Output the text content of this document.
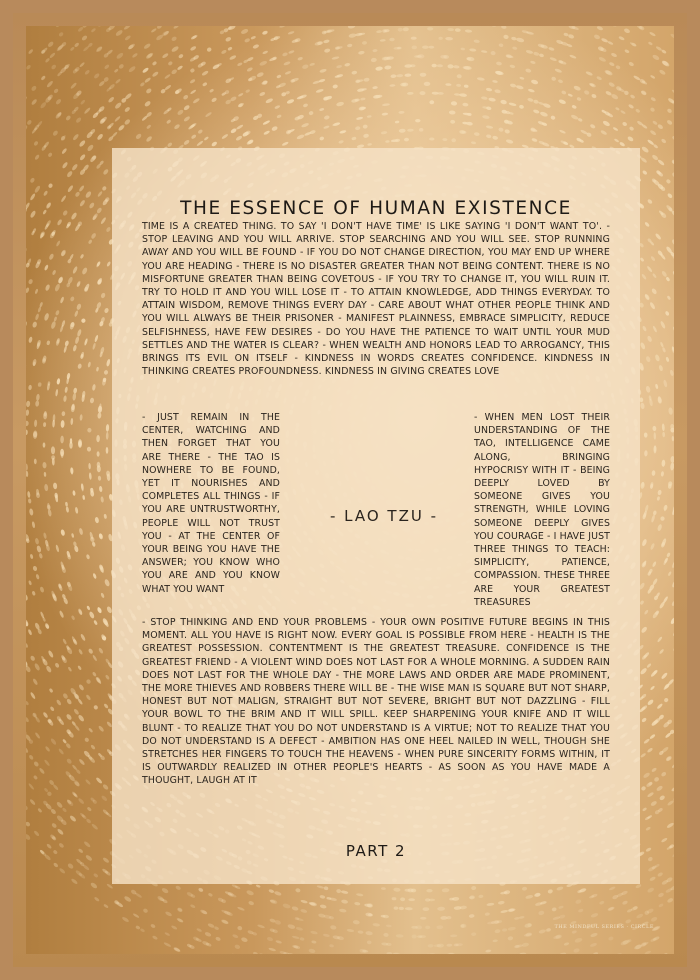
THE ESSENCE OF HUMAN EXISTENCE
TIME IS A CREATED THING. TO SAY 'I DON'T HAVE TIME' IS LIKE SAYING 'I DON'T WANT TO'. - STOP LEAVING AND YOU WILL ARRIVE. STOP SEARCHING AND YOU WILL SEE. STOP RUNNING AWAY AND YOU WILL BE FOUND - IF YOU DO NOT CHANGE DIRECTION, YOU MAY END UP WHERE YOU ARE HEADING - THERE IS NO DISASTER GREATER THAN NOT BEING CONTENT. THERE IS NO MISFORTUNE GREATER THAN BEING COVETOUS - IF YOU TRY TO CHANGE IT, YOU WILL RUIN IT. TRY TO HOLD IT AND YOU WILL LOSE IT - TO ATTAIN KNOWLEDGE, ADD THINGS EVERYDAY. TO ATTAIN WISDOM, REMOVE THINGS EVERY DAY - CARE ABOUT WHAT OTHER PEOPLE THINK AND YOU WILL ALWAYS BE THEIR PRISONER - MANIFEST PLAINNESS, EMBRACE SIMPLICITY, REDUCE SELFISHNESS, HAVE FEW DESIRES - DO YOU HAVE THE PATIENCE TO WAIT UNTIL YOUR MUD SETTLES AND THE WATER IS CLEAR? - WHEN WEALTH AND HONORS LEAD TO ARROGANCY, THIS BRINGS ITS EVIL ON ITSELF - KINDNESS IN WORDS CREATES CONFIDENCE. KINDNESS IN THINKING CREATES PROFOUNDNESS. KINDNESS IN GIVING CREATES LOVE
- JUST REMAIN IN THE CENTER, WATCHING AND THEN FORGET THAT YOU ARE THERE - THE TAO IS NOWHERE TO BE FOUND, YET IT NOURISHES AND COMPLETES ALL THINGS - IF YOU ARE UNTRUSTWORTHY, PEOPLE WILL NOT TRUST YOU - AT THE CENTER OF YOUR BEING YOU HAVE THE ANSWER; YOU KNOW WHO YOU ARE AND YOU KNOW WHAT YOU WANT
- LAO TZU -
- WHEN MEN LOST THEIR UNDERSTANDING OF THE TAO, INTELLIGENCE CAME ALONG, BRINGING HYPOCRISY WITH IT - BEING DEEPLY LOVED BY SOMEONE GIVES YOU STRENGTH, WHILE LOVING SOMEONE DEEPLY GIVES YOU COURAGE - I HAVE JUST THREE THINGS TO TEACH: SIMPLICITY, PATIENCE, COMPASSION. THESE THREE ARE YOUR GREATEST TREASURES
- STOP THINKING AND END YOUR PROBLEMS - YOUR OWN POSITIVE FUTURE BEGINS IN THIS MOMENT. ALL YOU HAVE IS RIGHT NOW. EVERY GOAL IS POSSIBLE FROM HERE - HEALTH IS THE GREATEST POSSESSION. CONTENTMENT IS THE GREATEST TREASURE. CONFIDENCE IS THE GREATEST FRIEND - A VIOLENT WIND DOES NOT LAST FOR A WHOLE MORNING. A SUDDEN RAIN DOES NOT LAST FOR THE WHOLE DAY - THE MORE LAWS AND ORDER ARE MADE PROMINENT, THE MORE THIEVES AND ROBBERS THERE WILL BE - THE WISE MAN IS SQUARE BUT NOT SHARP, HONEST BUT NOT MALIGN, STRAIGHT BUT NOT SEVERE, BRIGHT BUT NOT DAZZLING - FILL YOUR BOWL TO THE BRIM AND IT WILL SPILL. KEEP SHARPENING YOUR KNIFE AND IT WILL BLUNT - TO REALIZE THAT YOU DO NOT UNDERSTAND IS A VIRTUE; NOT TO REALIZE THAT YOU DO NOT UNDERSTAND IS A DEFECT - AMBITION HAS ONE HEEL NAILED IN WELL, THOUGH SHE STRETCHES HER FINGERS TO TOUCH THE HEAVENS - WHEN PURE SINCERITY FORMS WITHIN, IT IS OUTWARDLY REALIZED IN OTHER PEOPLE'S HEARTS - AS SOON AS YOU HAVE MADE A THOUGHT, LAUGH AT IT
PART 2
THE MINDFUL SERIES · CIRCLE
